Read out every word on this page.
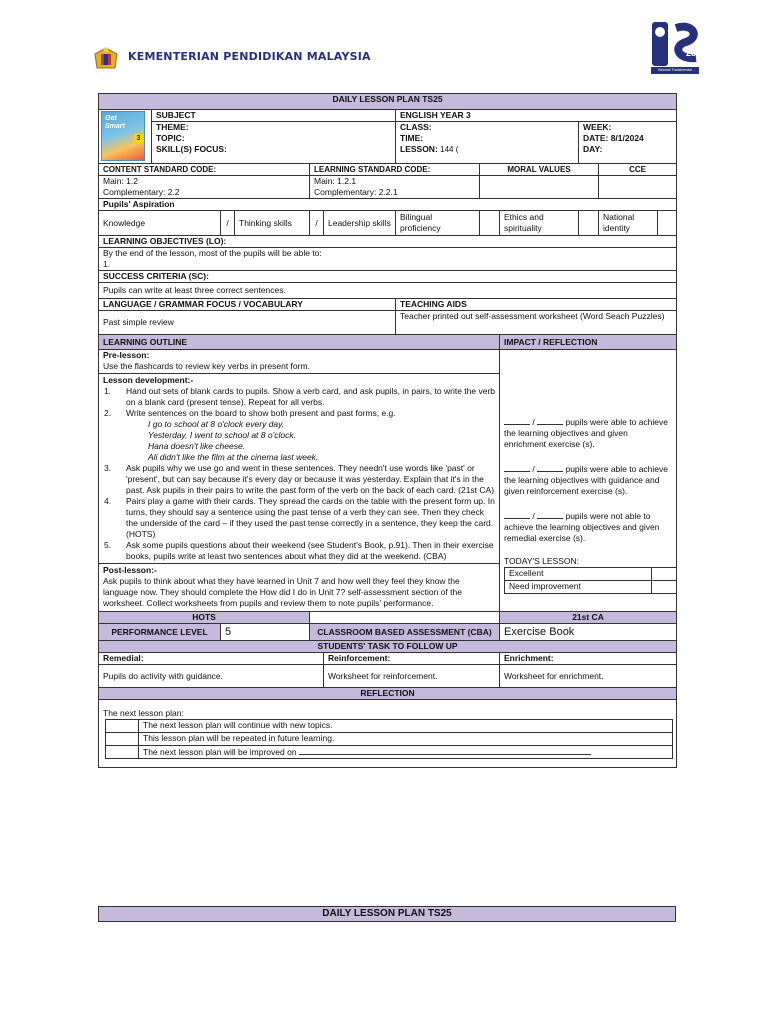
KEMENTERIAN PENDIDIKAN MALAYSIA	25
Sekolah Transformasi
DAILY LESSON PLAN TS25

Get
Smart
3
	SUBJECT	ENGLISH YEAR 3

THEME:
TOPIC:
SKILL(S) FOCUS:

CLASS:
TIME:
LESSON: 144 (

WEEK:
DATE: 8/1/2024
DAY:

CONTENT STANDARD CODE:	LEARNING STANDARD CODE:	MORAL VALUES	CCE

Main: 1.2
Complementary: 2.2

Main: 1.2.1
Complementary: 2.2.1

Pupils' Aspiration
Knowledge	/	Thinking skills	/	Leadership skills	Bilingual proficiency		Ethics and spirituality		National identity	
LEARNING OBJECTIVES (LO):

By the end of the lesson, most of the pupils will be able to:
1.

SUCCESS CRITERIA (SC):
Pupils can write at least three correct sentences.
LANGUAGE / GRAMMAR FOCUS / VOCABULARY	TEACHING AIDS
Past simple review	Teacher printed out self-assessment worksheet (Word Seach Puzzles)
LEARNING OUTLINE	IMPACT / REFLECTION

Pre-lesson:
Use the flashcards to review key verbs in present form.
Lesson development:-
1. Hand out sets of blank cards to pupils. Show a verb card, and ask pupils, in pairs, to write the verb on a blank card (present tense). Repeat for all verbs.
2. Write sentences on the board to show both present and past forms, e.g.
I go to school at 8 o'clock every day.
Yesterday, I went to school at 8 o'clock.
Hana doesn't like cheese.
Ali didn't like the film at the cinema last week.
3. Ask pupils why we use go and went in these sentences. They needn't use words like 'past' or 'present', but can say because it's every day or because it was yesterday. Explain that it's in the past. Ask pupils in their pairs to write the past form of the verb on the back of each card. (21st CA)
4. Pairs play a game with their cards. They spread the cards on the table with the present form up. In turns, they should say a sentence using the past tense of a verb they can see. Then they check the underside of the card – if they used the past tense correctly in a sentence, they keep the card. (HOTS)
5. Ask some pupils questions about their weekend (see Student's Book, p.91). Then in their exercise books, pupils write at least two sentences about what they did at the weekend. (CBA)
Post-lesson:-
Ask pupils to think about what they have learned in Unit 7 and how well they feel they know the language now. They should complete the How did I do in Unit 7? self-assessment section of the worksheet. Collect worksheets from pupils and review them to note pupils' performance.

/	pupils were able to achieve the learning objectives and given enrichment exercise (s).
/	pupils were able to achieve the learning objectives with guidance and given reinforcement exercise (s).
/	pupils were not able to achieve the learning objectives and given remedial exercise (s).
TODAY'S LESSON:
Excellent	
Need improvement	

HOTS		21st CA
PERFORMANCE LEVEL	5	CLASSROOM BASED ASSESSMENT (CBA)	Exercise Book
STUDENTS' TASK TO FOLLOW UP
Remedial:	Reinforcement:	Enrichment:
Pupils do activity with guidance.	Worksheet for reinforcement.	Worksheet for enrichment.
REFLECTION

The next lesson plan:
	The next lesson plan will continue with new topics.
	This lesson plan will be repeated in future learning.
	The next lesson plan will be improved on
DAILY LESSON PLAN TS25
